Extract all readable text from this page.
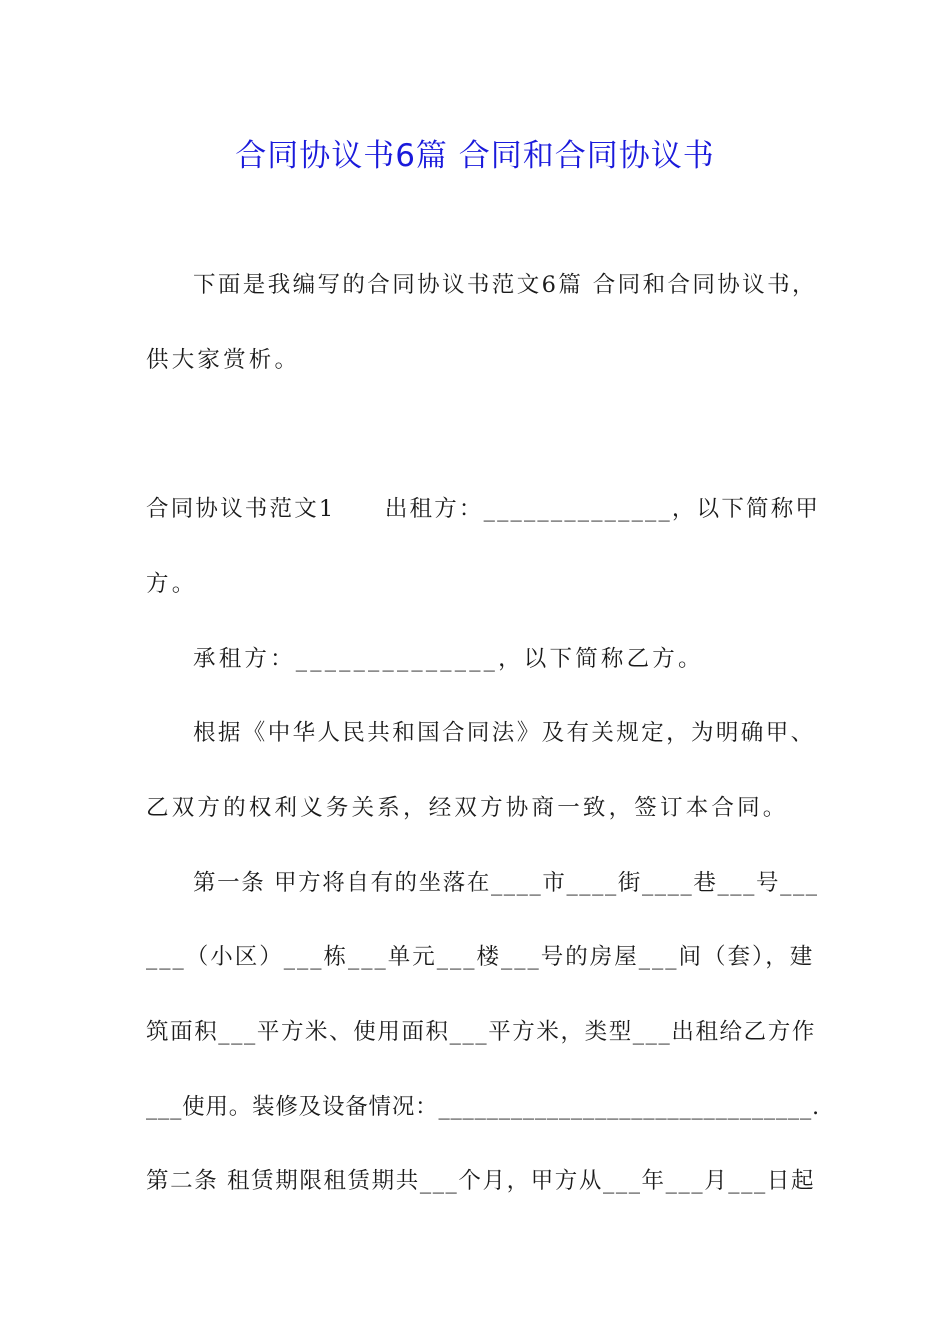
合同协议书6篇 合同和合同协议书
下面是我编写的合同协议书范文6篇 合同和合同协议书，
供大家赏析。
合同协议书范文1　　出租方：______________，以下简称甲
方。
承租方：______________，以下简称乙方。
根据《中华人民共和国合同法》及有关规定，为明确甲、
乙双方的权利义务关系，经双方协商一致，签订本合同。
第一条 甲方将自有的坐落在____市____街____巷___号___
___（小区）___栋___单元___楼___号的房屋___间（套），建
筑面积___平方米、使用面积___平方米，类型___出租给乙方作
___使用。装修及设备情况：_______________________________.
第二条 租赁期限租赁期共___个月，甲方从___年___月___日起
